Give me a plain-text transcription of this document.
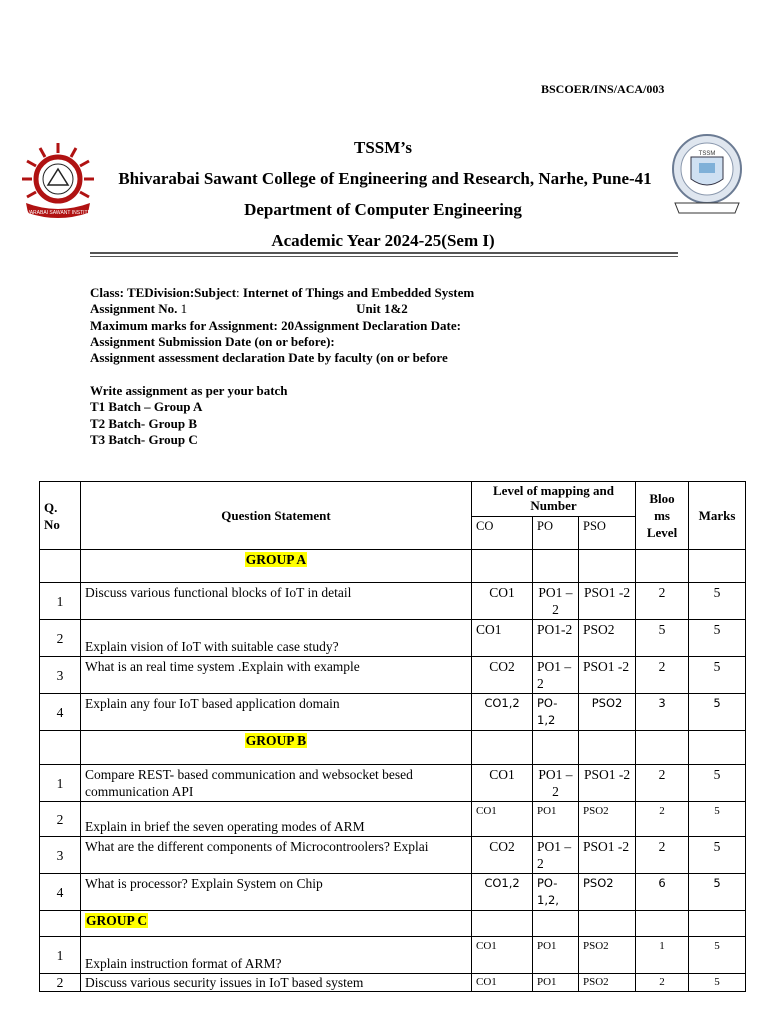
BSCOER/INS/ACA/003
BHIVARABAI SAWANT INSTITUTE
TSSM
TSSM’s
Bhivarabai Sawant College of Engineering and Research, Narhe, Pune-41
Department of Computer Engineering
Academic Year 2024-25(Sem I)
Class: TEDivision:Subject: Internet of Things and Embedded System
Assignment No. 1	Unit 1&2
Maximum marks for Assignment: 20Assignment Declaration Date:
Assignment Submission Date (on or before):
Assignment assessment declaration Date by faculty (on or before
Write assignment as per your batch
T1 Batch – Group A
T2 Batch- Group B
T3 Batch- Group C
Q. No	Question Statement	Level of mapping and Number			Bloo ms Level	Marks
		CO	PO	PSO		
	GROUP A					
1	Discuss various functional blocks of IoT in detail	CO1	PO1 –2	PSO1 -2	2	5
2	Explain vision of IoT with suitable case study?	CO1	PO1-2	PSO2	5	5
3	What is an real time system .Explain with example	CO2	PO1 –2	PSO1 -2	2	5
4	Explain any four IoT based application domain	CO1,2	PO-1,2	PSO2	3	5
	GROUP B					
1	Compare REST- based communication and websocket besed communication API	CO1	PO1 –2	PSO1 -2	2	5
2	Explain in brief the seven operating modes of ARM	CO1	PO1	PSO2	2	5
3	What are the different components of Microcontroolers? Explai	CO2	PO1 –2	PSO1 -2	2	5
4	What is processor? Explain System on Chip	CO1,2	PO-1,2,	PSO2	6	5
	GROUP C					
1	Explain instruction format of ARM?	CO1	PO1	PSO2	1	5
2	Discuss various security issues in IoT based system	CO1	PO1	PSO2	2	5
